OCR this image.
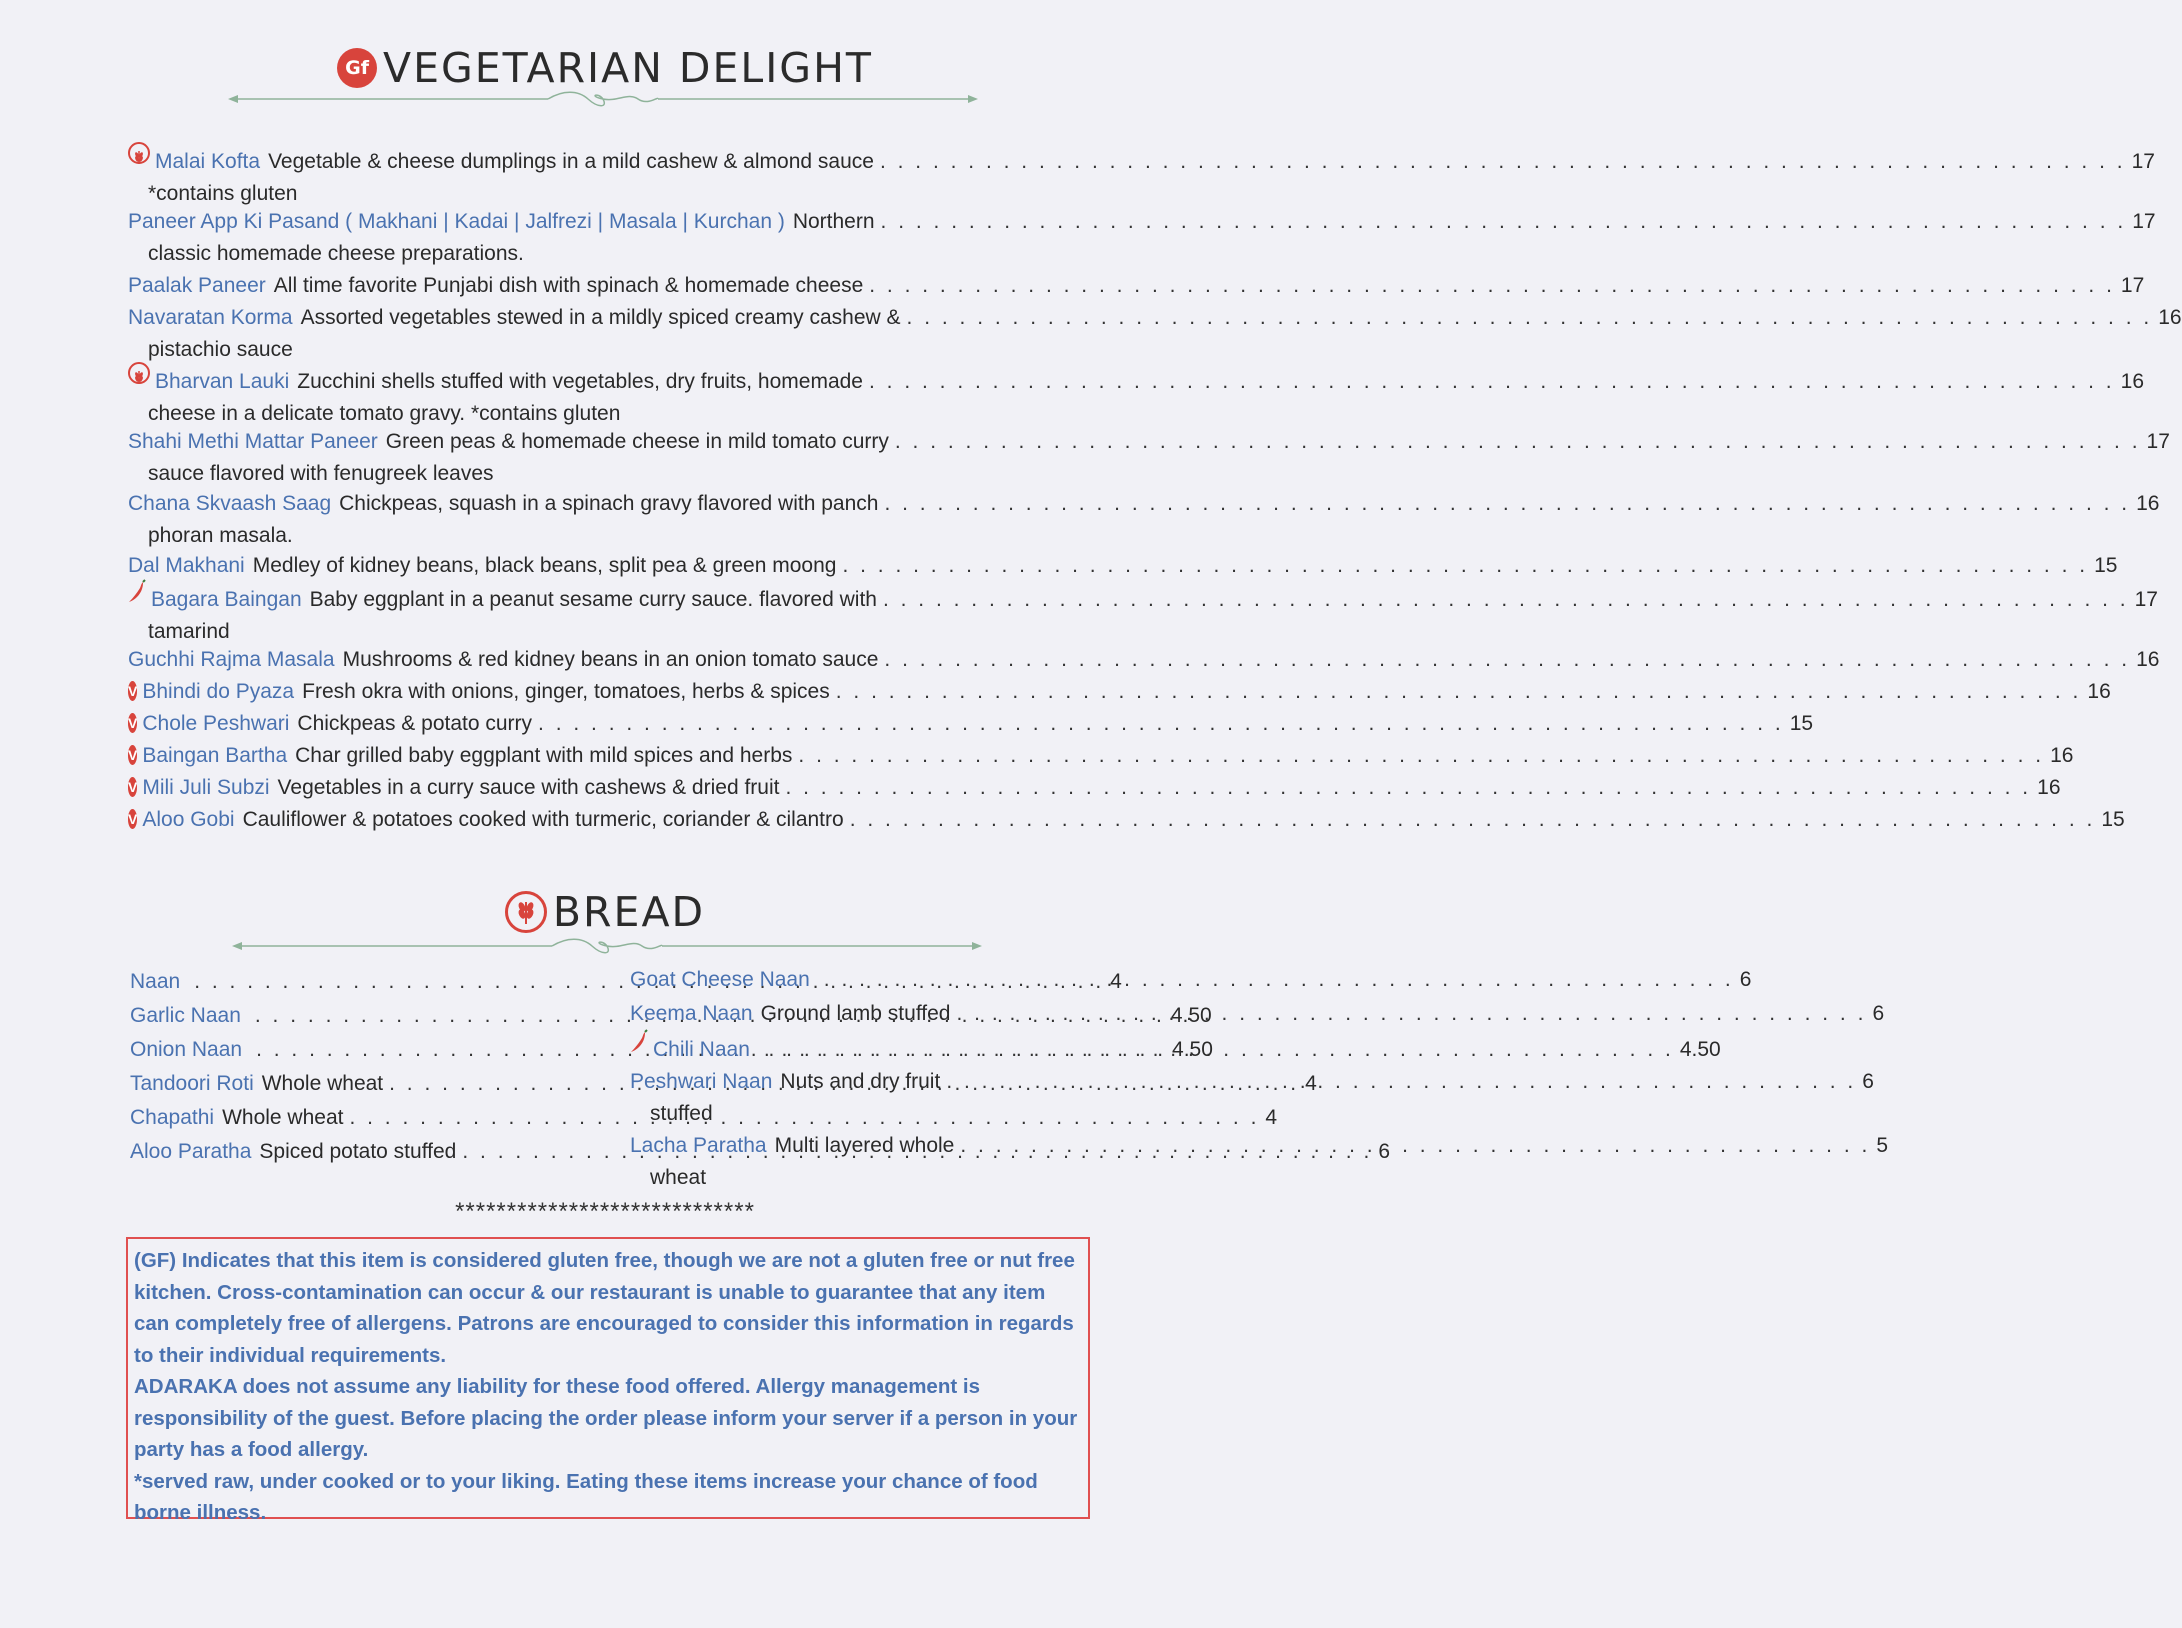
Gf VEGETARIAN DELIGHT
Malai Kofta Vegetable & cheese dumplings in a mild cashew & almond sauce . . .	17
*contains gluten
Paneer App Ki Pasand ( Makhani | Kadai | Jalfrezi | Masala | Kurchan ) Northern . . .	17
classic homemade cheese preparations.
Paalak Paneer All time favorite Punjabi dish with spinach & homemade cheese . . .	17
Navaratan Korma Assorted vegetables stewed in a mildly spiced creamy cashew & . . .	16
pistachio sauce
Bharvan Lauki Zucchini shells stuffed with vegetables, dry fruits, homemade . . .	16
cheese in a delicate tomato gravy. *contains gluten
Shahi Methi Mattar Paneer Green peas & homemade cheese in mild tomato curry . . .	17
sauce flavored with fenugreek leaves
Chana Skvaash Saag Chickpeas, squash in a spinach gravy flavored with panch . . .	16
phoran masala.
Dal Makhani Medley of kidney beans, black beans, split pea & green moong . . .	15
Bagara Baingan Baby eggplant in a peanut sesame curry sauce. flavored with . . .	17
tamarind
Guchhi Rajma Masala Mushrooms & red kidney beans in an onion tomato sauce . . .	16
V Bhindi do Pyaza Fresh okra with onions, ginger, tomatoes, herbs & spices . . .	16
V Chole Peshwari Chickpeas & potato curry . . .	15
V Baingan Bartha Char grilled baby eggplant with mild spices and herbs . . .	16
V Mili Juli Subzi Vegetables in a curry sauce with cashews & dried fruit . . .	16
V Aloo Gobi Cauliflower & potatoes cooked with turmeric, coriander & cilantro . . .	15
BREAD
Naan . . .	4
Garlic Naan . . .	4.50
Onion Naan . . .	4.50
Tandoori Roti Whole wheat . . .	4
Chapathi Whole wheat . . .	4
Aloo Paratha Spiced potato stuffed . . .	6
Goat Cheese Naan . . .	6
Keema Naan Ground lamb stuffed . . .	6
Chili Naan . . .	4.50
Peshwari Naan Nuts and dry fruit . . .	6
stuffed
Lacha Paratha Multi layered whole . . .	5
wheat
*****************************

(GF) Indicates that this item is considered gluten free, though we are not a gluten free or nut free kitchen. Cross-contamination can occur & our restaurant is unable to guarantee that any item can completely free of allergens. Patrons are encouraged to consider this information in regards to their individual requirements.

ADARAKA does not assume any liability for these food offered. Allergy management is responsibility of the guest. Before placing the order please inform your server if a person in your party has a food allergy.

*served raw, under cooked or to your liking. Eating these items increase your chance of food borne illness.
